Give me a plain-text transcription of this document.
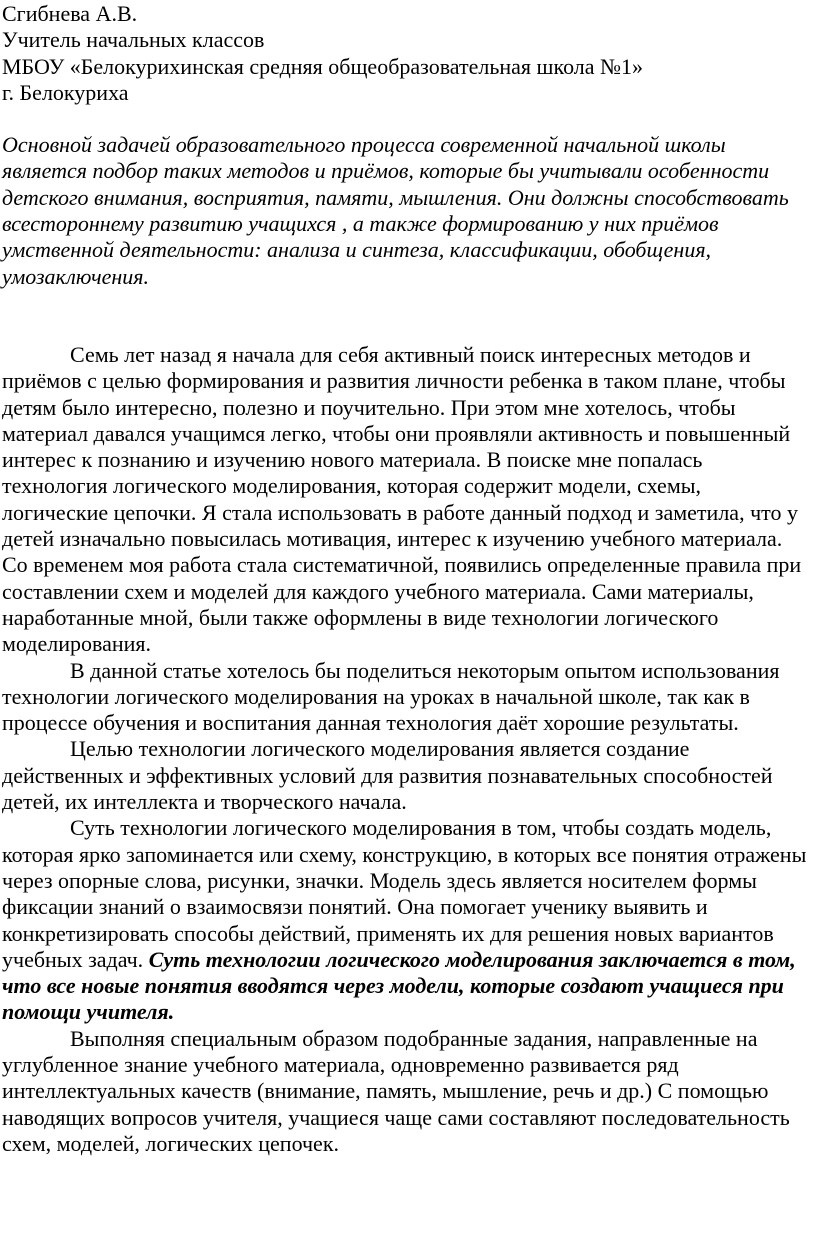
Сгибнева А.В.
Учитель начальных классов
МБОУ «Белокурихинская средняя общеобразовательная школа №1»
г. Белокуриха

Основной задачей образовательного процесса современной начальной школы является подбор таких методов и приёмов, которые бы учитывали особенности детского внимания, восприятия, памяти, мышления. Они должны способствовать всестороннему развитию учащихся , а также формированию у них приёмов умственной деятельности: анализа и синтеза, классификации, обобщения, умозаключения.

Семь лет назад я начала для себя активный поиск интересных методов и приёмов с целью формирования и развития личности ребенка в таком плане, чтобы детям было интересно, полезно и поучительно. При этом мне хотелось, чтобы материал давался учащимся легко, чтобы они проявляли активность и повышенный интерес к познанию и изучению нового материала. В поиске мне попалась технология логического моделирования, которая содержит модели, схемы, логические цепочки. Я стала использовать в работе данный подход и заметила, что у детей изначально повысилась мотивация, интерес к изучению учебного материала. Со временем моя работа стала систематичной, появились определенные правила при составлении схем и моделей для каждого учебного материала. Сами материалы, наработанные мной, были также оформлены в виде технологии логического моделирования.

В данной статье хотелось бы поделиться некоторым опытом использования технологии логического моделирования на уроках в начальной школе, так как в процессе обучения и воспитания данная технология даёт хорошие результаты.

Целью технологии логического моделирования является создание действенных и эффективных условий для развития познавательных способностей детей, их интеллекта и творческого начала.

Суть технологии логического моделирования в том, чтобы создать модель, которая ярко запоминается или схему, конструкцию, в которых все понятия отражены через опорные слова, рисунки, значки. Модель здесь является носителем формы фиксации знаний о взаимосвязи понятий. Она помогает ученику выявить и конкретизировать способы действий, применять их для решения новых вариантов учебных задач. Суть технологии логического моделирования заключается в том, что все новые понятия вводятся через модели, которые создают учащиеся при помощи учителя.

Выполняя специальным образом подобранные задания, направленные на углубленное знание учебного материала, одновременно развивается ряд интеллектуальных качеств (внимание, память, мышление, речь и др.) С помощью наводящих вопросов учителя, учащиеся чаще сами составляют последовательность схем, моделей, логических цепочек.
